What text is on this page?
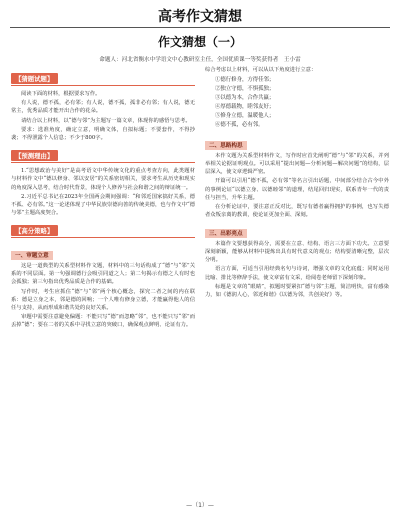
高考作文猜想
作文猜想（一）
命题人：河北省衡水中学语文中心教研室主任，全国优质课一等奖获得者　王小雷
【猜题试题】

阅读下面的材料，根据要求写作。

有人说，德不孤，必有邻；有人说，德不孤，孤非必有邻；有人说，德无常主，优秀品质才能开出合作的花朵。

请结合以上材料，以“德与邻”为主题写一篇文章，体现你的感悟与思考。

要求：选准角度，确定立意，明确文体，自拟标题；不要套作，不得抄袭；不得泄露个人信息；不少于800字。

【预测理由】

1.“思想政治与美好”是高考语文中华传统文化的重点考查方向，此类题材与材料作文中“德以修身、邻以安居”的关系密切相关，要求考生从历史和现实的角度深入思考，结合时代背景，体现个人修养与社会和谐之间的辩证统一。

2.习近平总书记在2023年全国两会期间强调：“和邻近国家搞好关系，德不孤、必有邻。”这一论述体现了中华民族崇德向善的传统美德，也与作文中“德与邻”主题高度契合。

【高分策略】
一、审题立意

这是一道典型的关系型材料作文题，材料中的三句话构成了“德”与“邻”关系的不同层面。第一句强调德行会吸引同道之人；第二句揭示有德之人有时也会孤独；第三句指出优秀品质是合作的基础。

写作时，考生应抓住“德”与“邻”两个核心概念，探究二者之间的内在联系：德是立身之本，邻是德的回响；一个人唯有修身立德，才能赢得他人的信任与支持，从而形成和谐共处的良好关系。

审题中需要注意避免偏题：不能只写“德”而忽略“邻”，也不能只写“邻”而丢掉“德”；要在二者的关系中寻找立意的突破口，确保观点鲜明、论证有力。

综合考虑以上材料，可以从以下角度进行立意：

①德行修身，方得佳邻；
②独立守德，不惧孤独；
③以德为本，合作共赢；
④厚德载物，睦邻友好；
⑤修身立德，温暖他人；
⑥德不孤，必有邻。
二、思路构思

本作文题为关系型材料作文，写作时应首先阐明“德”与“邻”的关系，并列举相关论据证明观点。可以采用“提出问题—分析问题—解决问题”的结构，层层深入，使文章逻辑严密。

开篇可以引用“德不孤，必有邻”等名言引出话题，中间部分结合古今中外的事例论证“以德立身、以德睦邻”的道理，结尾回归现实，联系青年一代的责任与担当，升华主题。

在分析论证中，要注意正反对比，既写有德者赢得拥护的事例，也写失德者众叛亲离的教训，使论证更加全面、深刻。

三、出彩亮点

本篇作文要想获得高分，需要在立意、结构、语言三方面下功夫。立意要深刻新颖，能够从材料中提炼出具有时代意义的观点；结构要清晰完整，层次分明。

语言方面，可适当引用经典名句与诗词，增强文章的文化底蕴；同时运用比喻、排比等修辞手法，使文章富有文采，给阅卷老师留下深刻印象。

标题是文章的“眼睛”，拟题时要紧扣“德与邻”主题，简洁明快，富有感染力，如《德润人心，邻近和谐》《以德为邻，共创美好》等。

—（1）—
